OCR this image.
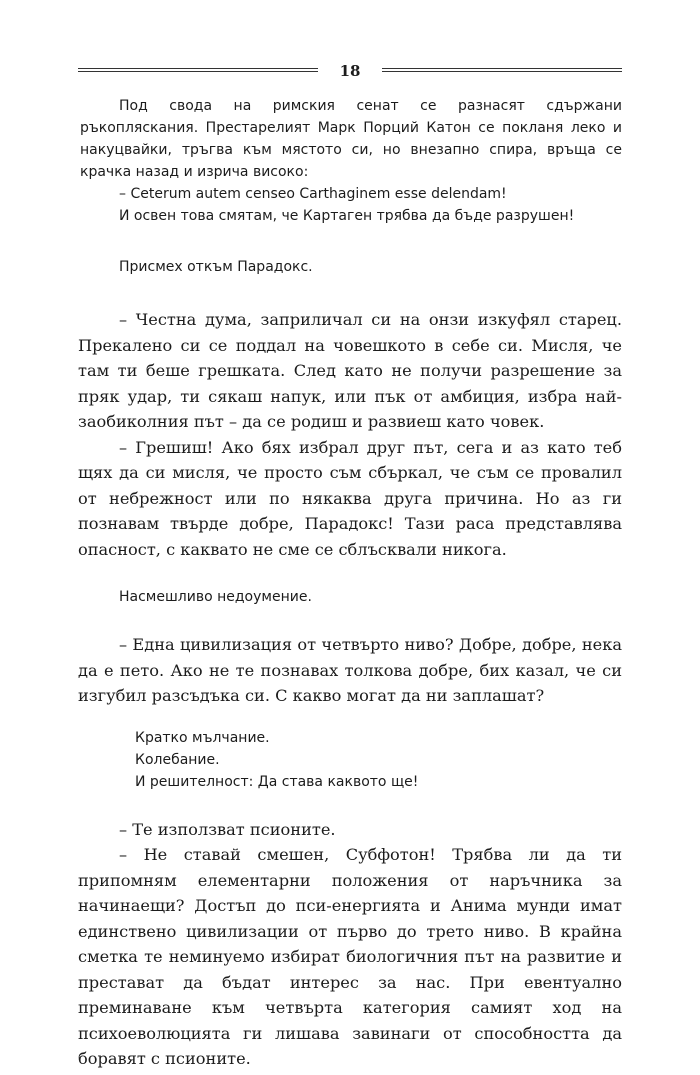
18

Под свода на римския сенат се разнасят сдържани ръкопляскания. Престарелият Марк Порций Катон се покланя леко и накуцвайки, тръгва към мястото си, но внезапно спира, връща се крачка назад и изрича високо:

– Ceterum autem censeo Carthaginem esse delendam!

И освен това смятам, че Картаген трябва да бъде разрушен!

Присмех откъм Парадокс.

– Честна дума, заприличал си на онзи изкуфял старец. Прекалено си се поддал на човешкото в себе си. Мисля, че там ти беше грешката. След като не получи разрешение за пряк удар, ти сякаш напук, или пък от амбиция, избра най-заобиколния път – да се родиш и развиеш като човек.

– Грешиш! Ако бях избрал друг път, сега и аз като теб щях да си мисля, че просто съм сбъркал, че съм се провалил от небрежност или по някаква друга причина. Но аз ги познавам твърде добре, Парадокс! Тази раса представлява опасност, с каквато не сме се сблъсквали никога.

Насмешливо недоумение.

– Една цивилизация от четвърто ниво? Добре, добре, нека да е пето. Ако не те познавах толкова добре, бих казал, че си изгубил разсъдъка си. С какво могат да ни заплашат?

Кратко мълчание.

Колебание.

И решителност: Да става каквото ще!

– Те използват псионите.

– Не ставай смешен, Субфотон! Трябва ли да ти припомням елементарни положения от наръчника за начинаещи? Достъп до пси-енергията и Анима мунди имат единствено цивилизации от първо до трето ниво. В крайна сметка те неминуемо избират биологичния път на развитие и престават да бъдат интерес за нас. При евентуално преминаване към четвърта категория самият ход на психоеволюцията ги лишава завинаги от способността да боравят с псионите.
